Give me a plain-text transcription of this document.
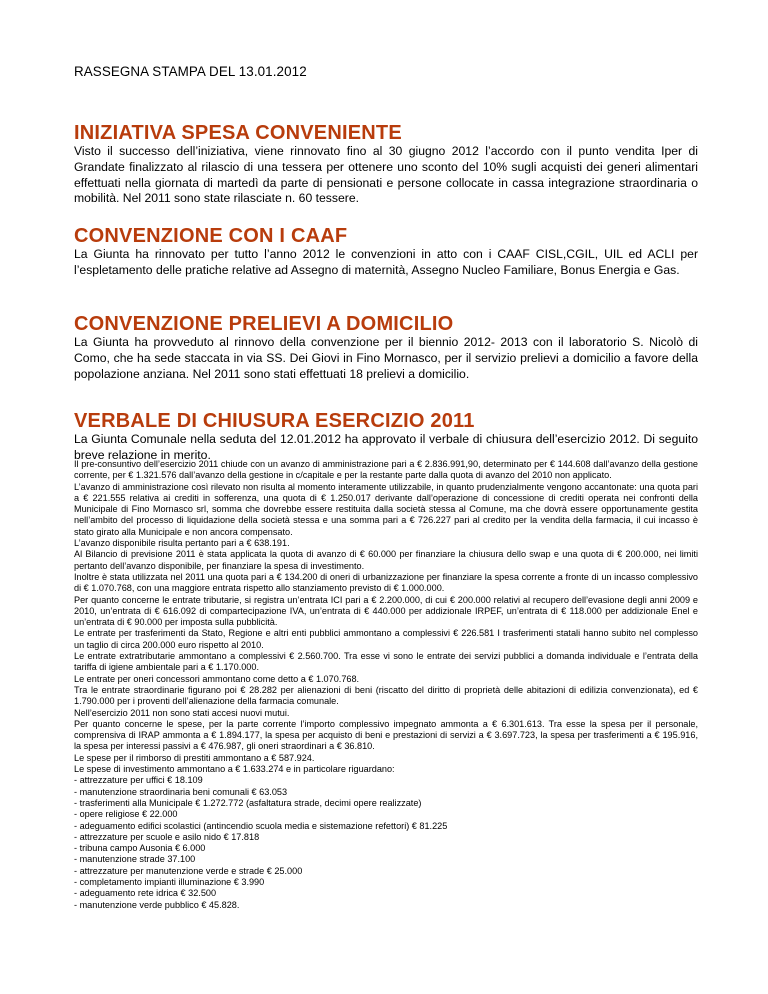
RASSEGNA STAMPA DEL 13.01.2012
INIZIATIVA SPESA CONVENIENTE

Visto il successo dell’iniziativa, viene rinnovato fino al 30 giugno 2012 l’accordo con il punto vendita Iper di Grandate finalizzato al rilascio di una tessera per ottenere uno sconto del 10% sugli acquisti dei generi alimentari effettuati nella giornata di martedì da parte di pensionati e persone collocate in cassa integrazione straordinaria o mobilità. Nel 2011 sono state rilasciate n. 60 tessere.

CONVENZIONE CON I CAAF

La Giunta ha rinnovato per tutto l’anno 2012 le convenzioni in atto con i CAAF CISL,CGIL, UIL ed ACLI per l’espletamento delle pratiche relative ad Assegno di maternità, Assegno Nucleo Familiare, Bonus Energia e Gas.

CONVENZIONE PRELIEVI A DOMICILIO

La Giunta ha provveduto al rinnovo della convenzione per il biennio 2012- 2013 con il laboratorio S. Nicolò di Como, che ha sede staccata in via SS. Dei Giovi in Fino Mornasco, per il servizio prelievi a domicilio a favore della popolazione anziana. Nel 2011 sono stati effettuati 18 prelievi a domicilio.

VERBALE DI CHIUSURA ESERCIZIO 2011

La Giunta Comunale nella seduta del 12.01.2012 ha approvato il verbale di chiusura dell’esercizio 2012. Di seguito breve relazione in merito.

Il pre-consuntivo dell’esercizio 2011 chiude con un avanzo di amministrazione pari a € 2.836.991,90, determinato per € 144.608 dall’avanzo della gestione corrente, per € 1.321.576 dall’avanzo della gestione in c/capitale e per la restante parte dalla quota di avanzo del 2010 non applicato.
L’avanzo di amministrazione così rilevato non risulta al momento interamente utilizzabile, in quanto prudenzialmente vengono accantonate: una quota pari a € 221.555 relativa ai crediti in sofferenza, una quota di € 1.250.017 derivante dall’operazione di concessione di crediti operata nei confronti della Municipale di Fino Mornasco srl, somma che dovrebbe essere restituita dalla società stessa al Comune, ma che dovrà essere opportunamente gestita nell’ambito del processo di liquidazione della società stessa e una somma pari a € 726.227 pari al credito per la vendita della farmacia, il cui incasso è stato girato alla Municipale e non ancora compensato.
L’avanzo disponibile risulta pertanto pari a € 638.191.
Al Bilancio di previsione 2011 è stata applicata la quota di avanzo di € 60.000 per finanziare la chiusura dello swap e una quota di € 200.000, nei limiti pertanto dell’avanzo disponibile, per finanziare la spesa di investimento.
Inoltre è stata utilizzata nel 2011 una quota pari a € 134.200 di oneri di urbanizzazione per finanziare la spesa corrente a fronte di un incasso complessivo di € 1.070.768, con una maggiore entrata rispetto allo stanziamento previsto di € 1.000.000.
Per quanto concerne le entrate tributarie, si registra un’entrata ICI pari a € 2.200.000, di cui € 200.000 relativi al recupero dell’evasione degli anni 2009 e 2010, un’entrata di € 616.092 di compartecipazione IVA, un’entrata di € 440.000 per addizionale IRPEF, un’entrata di € 118.000 per addizionale Enel e un’entrata di € 90.000 per imposta sulla pubblicità.
Le entrate per trasferimenti da Stato, Regione e altri enti pubblici ammontano a complessivi € 226.581 I trasferimenti statali hanno subito nel complesso un taglio di circa 200.000 euro rispetto al 2010.
Le entrate extratributarie ammontano a complessivi € 2.560.700. Tra esse vi sono le entrate dei servizi pubblici a domanda individuale e l’entrata della tariffa di igiene ambientale pari a € 1.170.000.
Le entrate per oneri concessori ammontano come detto a € 1.070.768.
Tra le entrate straordinarie figurano poi € 28.282 per alienazioni di beni (riscatto del diritto di proprietà delle abitazioni di edilizia convenzionata), ed € 1.790.000 per i proventi dell’alienazione della farmacia comunale.
Nell’esercizio 2011 non sono stati accesi nuovi mutui.
Per quanto concerne le spese, per la parte corrente l’importo complessivo impegnato ammonta a € 6.301.613. Tra esse la spesa per il personale, comprensiva di IRAP ammonta a € 1.894.177, la spesa per acquisto di beni e prestazioni di servizi a € 3.697.723, la spesa per trasferimenti a € 195.916, la spesa per interessi passivi a € 476.987, gli oneri straordinari a € 36.810.
Le spese per il rimborso di prestiti ammontano a € 587.924.
Le spese di investimento ammontano a € 1.633.274 e in particolare riguardano:
- attrezzature per uffici € 18.109
- manutenzione straordinaria beni comunali € 63.053
- trasferimenti alla Municipale € 1.272.772 (asfaltatura strade, decimi opere realizzate)
- opere religiose € 22.000
- adeguamento edifici scolastici (antincendio scuola media e sistemazione refettori) € 81.225
- attrezzature per scuole e asilo nido € 17.818
- tribuna campo Ausonia € 6.000
- manutenzione strade 37.100
- attrezzature per manutenzione verde e strade € 25.000
- completamento impianti illuminazione € 3.990
- adeguamento rete idrica € 32.500
- manutenzione verde pubblico € 45.828.
